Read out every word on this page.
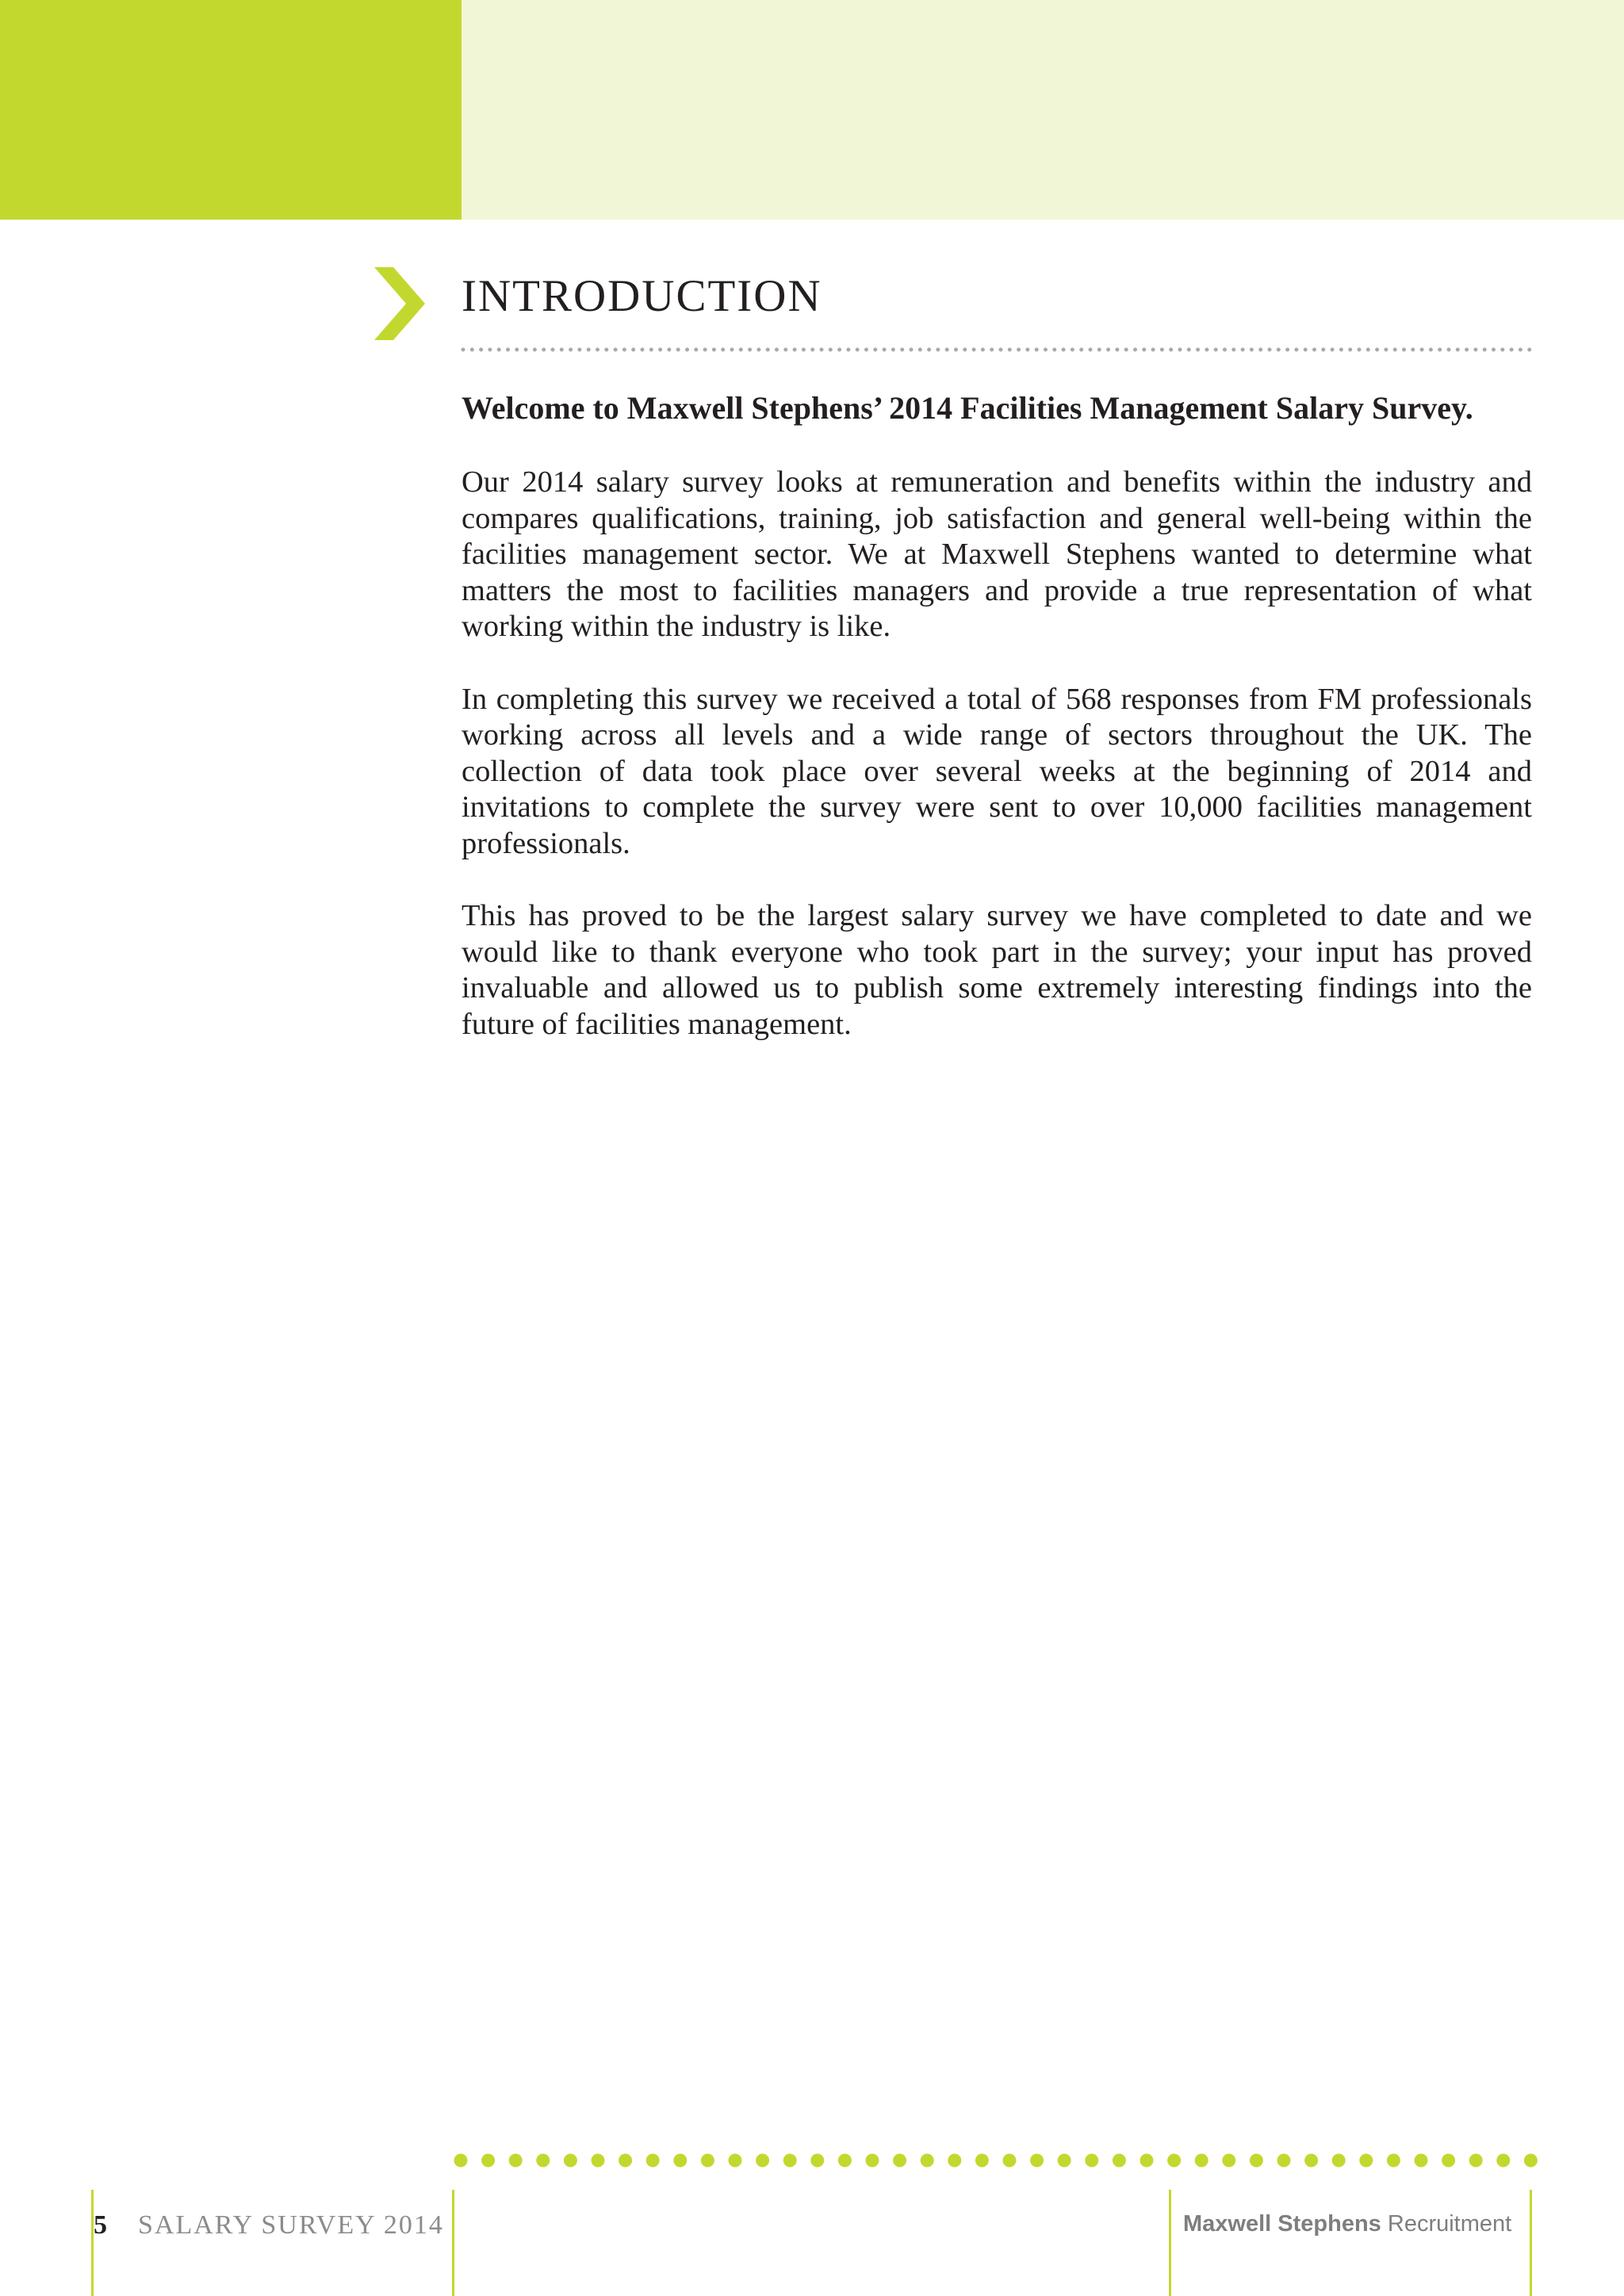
INTRODUCTION

Welcome to Maxwell Stephens’ 2014 Facilities Management Salary Survey.

Our 2014 salary survey looks at remuneration and benefits within the industry and compares qualifications, training, job satisfaction and general well-being within the facilities management sector. We at Maxwell Stephens wanted to determine what matters the most to facilities managers and provide a true representation of what working within the industry is like.

In completing this survey we received a total of 568 responses from FM professionals working across all levels and a wide range of sectors throughout the UK. The collection of data took place over several weeks at the beginning of 2014 and invitations to complete the survey were sent to over 10,000 facilities management professionals.

This has proved to be the largest salary survey we have completed to date and we would like to thank everyone who took part in the survey; your input has proved invaluable and allowed us to publish some extremely interesting findings into the future of facilities management.

5 SALARY SURVEY 2014	Maxwell Stephens Recruitment
